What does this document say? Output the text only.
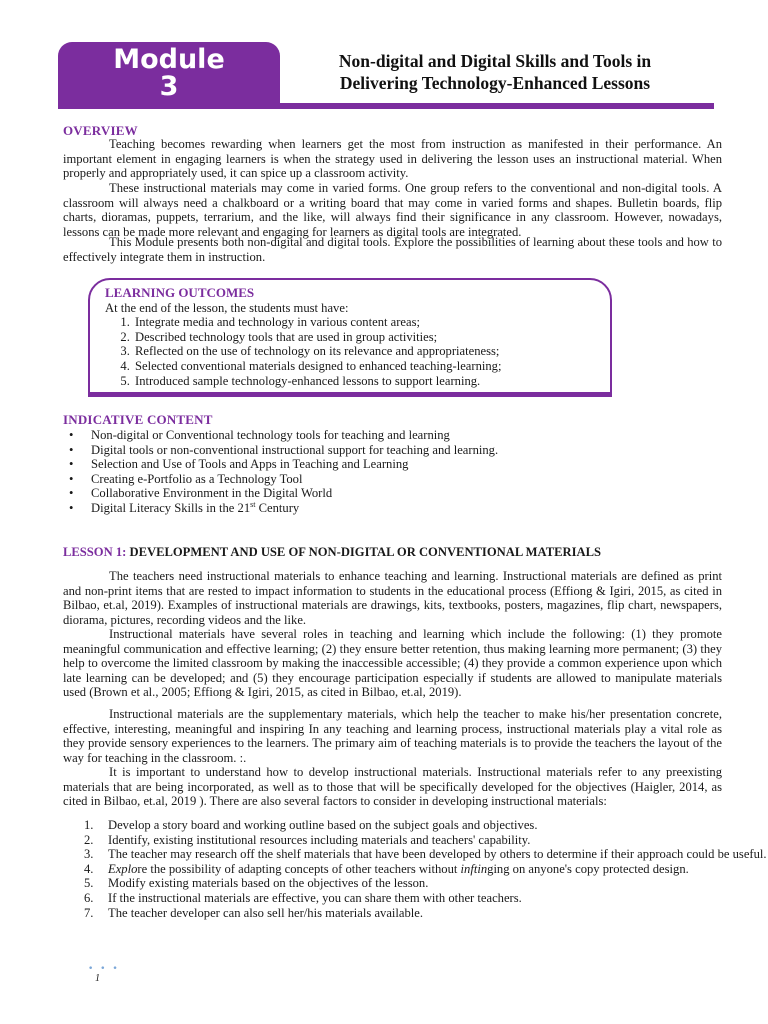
Module
3
Non-digital and Digital Skills and Tools in
Delivering Technology-Enhanced Lessons
OVERVIEW

Teaching becomes rewarding when learners get the most from instruction as manifested in their performance. An important element in engaging learners is when the strategy used in delivering the lesson uses an instructional material. When properly and appropriately used, it can spice up a classroom activity.

These instructional materials may come in varied forms. One group refers to the conventional and non-digital tools. A classroom will always need a chalkboard or a writing board that may come in varied forms and shapes. Bulletin boards, flip charts, dioramas, puppets, terrarium, and the like, will always find their significance in any classroom. However, nowadays, lessons can be made more relevant and engaging for learners as digital tools are integrated.

This Module presents both non-digital and digital tools. Explore the possibilities of learning about these tools and how to effectively integrate them in instruction.

LEARNING OUTCOMES
At the end of the lesson, the students must have:
1. Integrate media and technology in various content areas;
2. Described technology tools that are used in group activities;
3. Reflected on the use of technology on its relevance and appropriateness;
4. Selected conventional materials designed to enhanced teaching-learning;
5. Introduced sample technology-enhanced lessons to support learning.
INDICATIVE CONTENT
• Non-digital or Conventional technology tools for teaching and learning
• Digital tools or non-conventional instructional support for teaching and learning.
• Selection and Use of Tools and Apps in Teaching and Learning
• Creating e-Portfolio as a Technology Tool
• Collaborative Environment in the Digital World
• Digital Literacy Skills in the 21st Century
LESSON 1: DEVELOPMENT AND USE OF NON-DIGITAL OR CONVENTIONAL MATERIALS

The teachers need instructional materials to enhance teaching and learning. Instructional materials are defined as print and non-print items that are rested to impact information to students in the educational process (Effiong & Igiri, 2015, as cited in Bilbao, et.al, 2019). Examples of instructional materials are drawings, kits, textbooks, posters, magazines, flip chart, newspapers, diorama, pictures, recording videos and the like.

Instructional materials have several roles in teaching and learning which include the following: (1) they promote meaningful communication and effective learning; (2) they ensure better retention, thus making learning more permanent; (3) they help to overcome the limited classroom by making the inaccessible accessible; (4) they provide a common experience upon which late learning can be developed; and (5) they encourage participation especially if students are allowed to manipulate materials used (Brown et al., 2005; Effiong & Igiri, 2015, as cited in Bilbao, et.al, 2019).

Instructional materials are the supplementary materials, which help the teacher to make his/her presentation concrete, effective, interesting, meaningful and inspiring In any teaching and learning process, instructional materials play a vital role as they provide sensory experiences to the learners. The primary aim of teaching materials is to provide the teachers the layout of the way for teaching in the classroom. :.

It is important to understand how to develop instructional materials. Instructional materials refer to any preexisting materials that are being incorporated, as well as to those that will be specifically developed for the objectives (Haigler, 2014, as cited in Bilbao, et.al, 2019 ). There are also several factors to consider in developing instructional materials:

1. Develop a story board and working outline based on the subject goals and objectives.
2. Identify, existing institutional resources including materials and teachers' capability.
3. The teacher may research off the shelf materials that have been developed by others to determine if their approach could be useful.
4. Explore the possibility of adapting concepts of other teachers without inftinging on anyone's copy protected design.
5. Modify existing materials based on the objectives of the lesson.
6. If the instructional materials are effective, you can share them with other teachers.
7. The teacher developer can also sell her/his materials available.
• • •
1
